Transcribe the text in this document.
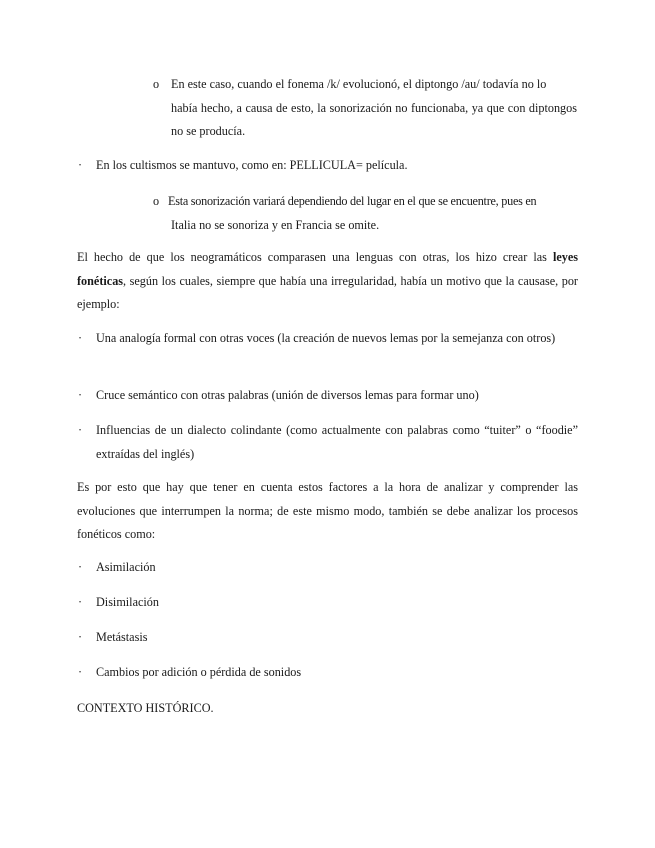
o En este caso, cuando el fonema /k/ evolucionó, el diptongo /au/ todavía no lo

había hecho, a causa de esto, la sonorización no funcionaba, ya que con diptongos no se producía.

· En los cultismos se mantuvo, como en: PELLICULA= película.

o Esta sonorización variará dependiendo del lugar en el que se encuentre, pues en

Italia no se sonoriza y en Francia se omite.

El hecho de que los neogramáticos comparasen una lenguas con otras, los hizo crear las leyes fonéticas, según los cuales, siempre que había una irregularidad, había un motivo que la causase, por ejemplo:

· Una analogía formal con otras voces (la creación de nuevos lemas por la semejanza con otros)

· Cruce semántico con otras palabras (unión de diversos lemas para formar uno)

· Influencias de un dialecto colindante (como actualmente con palabras como “tuiter” o “foodie” extraídas del inglés)

Es por esto que hay que tener en cuenta estos factores a la hora de analizar y comprender las evoluciones que interrumpen la norma; de este mismo modo, también se debe analizar los procesos fonéticos como:

· Asimilación

· Disimilación

· Metástasis

· Cambios por adición o pérdida de sonidos

CONTEXTO HISTÓRICO.
